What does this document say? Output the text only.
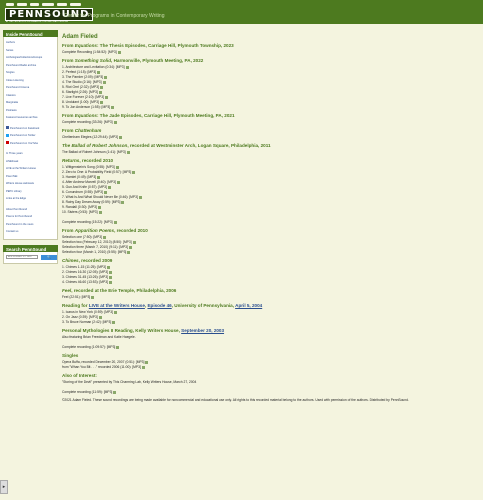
PENNSOUND
AT THE CENTER FOR PROGRAMS IN CONTEMPORARY WRITING
Center for Programs in Contemporary Writing
Inside PennSound
Authors
Series
Anthologies/Collections/Groups
PennSound Radio archive
Singles
Close Listening
PennSound Cinema
Classics
Marginalia
Podcasts
Featured resources archive
PennSound on Facebook
PennSound on Twitter
PennSound on YouTube
In Three years
LINEbreak
LIVE at the Writers House
PoemTalk
Writers House webcasts
PEPC Library
Links at the Edge
About PennSound
Poems for PennSound
PennSound in the news
Contact us
Search PennSound
ENHANCED BY Goo
🔍
Adam Fieled
From Equations: The Thesis Episodes, Carriage Hill, Plymouth Township, 2023
Complete Recording (1:54:52): [MP3]
From Something Solid, Harmonville, Plymouth Meeting, PA, 2022
1. Architecture and Levitation (0:34): [MP3]
2. Perfect (1:15): [MP3]
3. The Parrder (2:09): [MP3]
4. The Studio (2:16): [MP3]
5. Riot Grrrl (2:32): [MP3]
6. Starlight (2:26): [MP3]
7. Live Forever (2:10): [MP3]
8. Undulant (1:00): [MP3]
9. To Jon Anderson (1:55): [MP3]
From Equations: The Jade Episodes, Carriage Hill, Plymouth Meeting, PA, 2021
Complete recording (33:26): [MP3]
From Chattenham
Cheltenham Elegies (12:29:44): [MP3]
The Ballad of Robert Johnson, recorded at Westminster Arch, Logan Square, Philadelphia, 2011
The Ballad of Robert Johnson (1:41): [MP3]
Returns, recorded 2010
1. Wittgenstein's Song (0:55): [MP3]
2. Zero to One: A Probability Field (0:57): [MP3]
3. Hamlet (0:49): [MP3]
4. After Andrew Marvell (0:40): [MP3]
5. Gun And Knife (0:57): [MP3]
6. Conundrum (0:55): [MP3]
7. What Is And What Should Never Be (0:46): [MP3]
8. Rainy Day Dream Away (0:59): [MP3]
9. Randall (0:30): [MP3]
10. Sisters (0:53): [MP3]

Complete recording (15:22): [MP3]
From Apparition Poems, recorded 2010
Selection one (7:50): [MP3]
Selection two (February 12, 2010) (8:50): [MP3]
Selection three (March 7, 2010) (9:11): [MP3]
Selection four (March 1, 2010) (5:55): [MP3]
Chimes, recorded 2009
1. Chimes 1-15 (11:25): [MP3]
2. Chimes 16-30 (12:05): [MP3]
3. Chimes 31-45 (13:26): [MP3]
4. Chimes 46-60 (13:53): [MP3]
Feel, recorded at the Erie Temple, Philadelphia, 2006
Feel (22:51): [MP3]
Reading for LIVE at the Writers House, Episode 46, University of Pennsylvania, April 5, 2004
1. Icarus in New York (0:59): [MP3]
2. On Jazz (0:39): [MP3]
3. To Bruce Norman (2:42): [MP3]
Personal Mythologies II Reading, Kelly Writers House, September 20, 2003
Also featuring Brian Freedman and Katie Haegele.

Complete recording (1:09:57): [MP3]
Singles
Opera Buffa, recorded December 20, 2007 (0:51): [MP3]
from "Whan You Bit . . ." recorded 2006 (11:00): [MP3]
Also of Interest:
"Storing of the Devil" presented by This Charming Lab, Kelly Writers House, March 27, 2004

Complete recording (11:59): [MP3]
©2021 Adam Fieled. These sound recordings are being made available for noncommercial and educational use only. All rights to this recorded material belong to the authors. Used with permission of the authors. Distributed by PennSound.
▸
